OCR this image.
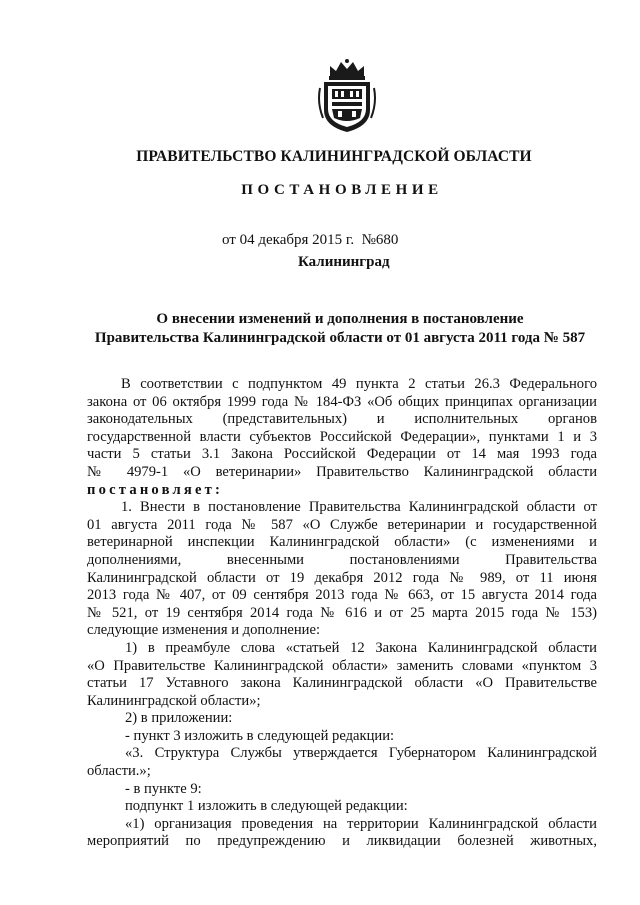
ПРАВИТЕЛЬСТВО КАЛИНИНГРАДСКОЙ ОБЛАСТИ
ПОСТАНОВЛЕНИЕ
от 04 декабря 2015 г.  №680
Калининград
О внесении изменений и дополнения в постановление
Правительства Калининградской области от 01 августа 2011 года № 587
В соответствии с подпунктом 49 пункта 2 статьи 26.3 Федерального
закона от 06 октября 1999 года № 184-ФЗ «Об общих принципах организации
законодательных (представительных) и исполнительных органов
государственной власти субъектов Российской Федерации», пунктами 1 и 3
части 5 статьи 3.1 Закона Российской Федерации от 14 мая 1993 года
№ 4979-1 «О ветеринарии» Правительство Калининградской области
постановляет:
1. Внести в постановление Правительства Калининградской области от
01 августа 2011 года № 587 «О Службе ветеринарии и государственной
ветеринарной инспекции Калининградской области» (с изменениями и
дополнениями, внесенными постановлениями Правительства
Калининградской области от 19 декабря 2012 года № 989, от 11 июня
2013 года № 407, от 09 сентября 2013 года № 663, от 15 августа 2014 года
№ 521, от 19 сентября 2014 года № 616 и от 25 марта 2015 года № 153)
следующие изменения и дополнение:
1) в преамбуле слова «статьей 12 Закона Калининградской области
«О Правительстве Калининградской области» заменить словами «пунктом 3
статьи 17 Уставного закона Калининградской области «О Правительстве
Калининградской области»;
2) в приложении:
- пункт 3 изложить в следующей редакции:
«3. Структура Службы утверждается Губернатором Калининградской
области.»;
- в пункте 9:
подпункт 1 изложить в следующей редакции:
«1) организация проведения на территории Калининградской области
мероприятий по предупреждению и ликвидации болезней животных,
